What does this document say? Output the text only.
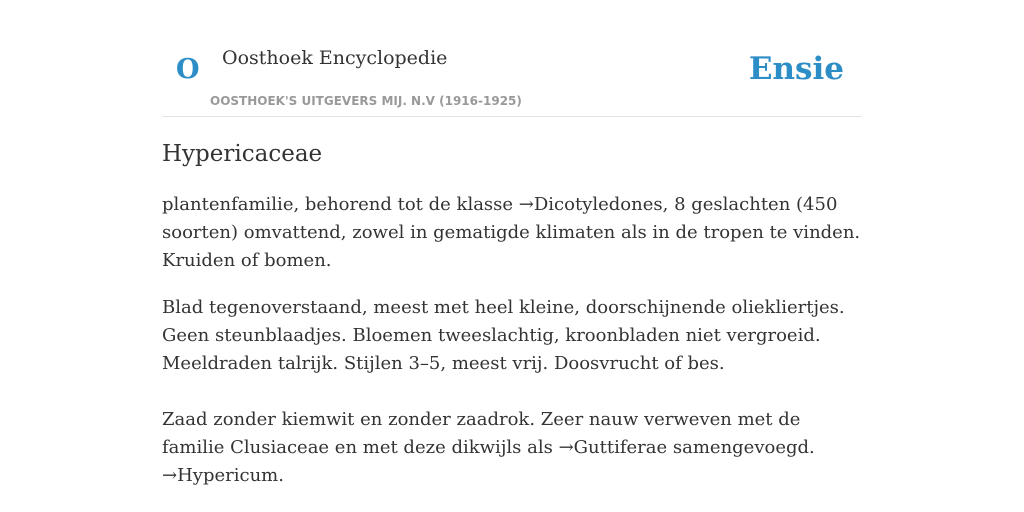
O Oosthoek Encyclopedie
OOSTHOEK'S UITGEVERS MIJ. N.V (1916-1925)
Ensie
Hypericaceae

plantenfamilie, behorend tot de klasse →Dicotyledones, 8 geslachten (450 soorten) omvattend, zowel in gematigde klimaten als in de tropen te vinden. Kruiden of bomen.

Blad tegenoverstaand, meest met heel kleine, doorschijnende oliekliertjes. Geen steunblaadjes. Bloemen tweeslachtig, kroonbladen niet vergroeid. Meeldraden talrijk. Stijlen 3–5, meest vrij. Doosvrucht of bes.

Zaad zonder kiemwit en zonder zaadrok. Zeer nauw verweven met de familie Clusiaceae en met deze dikwijls als →Guttiferae samengevoegd. →Hypericum.
